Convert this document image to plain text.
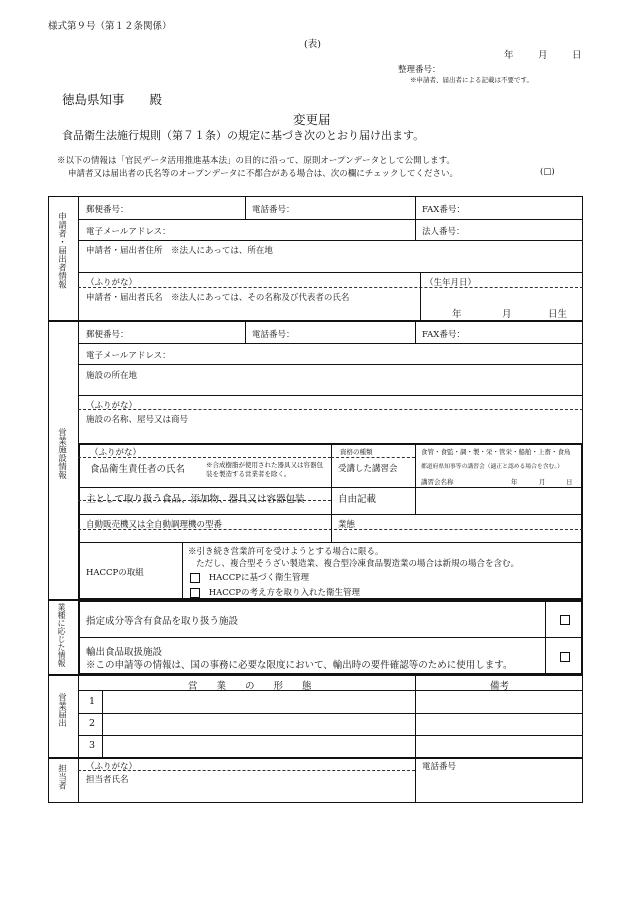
様式第９号（第１２条関係）
(表)
年	月	日
整理番号：
※申請者、届出者による記載は不要です。
徳島県知事　　殿
変更届
食品衛生法施行規則（第７１条）の規定に基づき次のとおり届け出ます。
※以下の情報は「官民データ活用推進基本法」の目的に沿って、原則オープンデータとして公開します。
申請者又は届出者の氏名等のオープンデータに不都合がある場合は、次の欄にチェックしてください。	(□)
申請者・届出者情報
郵便番号：	電話番号：	FAX番号：
電子メールアドレス：	法人番号：
申請者・届出者住所　※法人にあっては、所在地
（ふりがな）	（生年月日）
申請者・届出者氏名　※法人にあっては、その名称及び代表者の氏名
年	月	日生
営業施設情報
郵便番号：	電話番号：	FAX番号：
電子メールアドレス：
施設の所在地
（ふりがな）
施設の名称、屋号又は商号
（ふりがな）
食品衛生責任者の氏名	※合成樹脂が使用された器具又は容器包
装を製造する営業者を除く。
資格の種類	食管・食監・調・製・栄・管栄・船舶・上畜・食鳥
受講した講習会	都道府県知事等の講習会（適正と認める場合を含む。）
講習会名称	年	月	日
主として取り扱う食品、添加物、器具又は容器包装	自由記載
自動販売機又は全自動調理機の型番	業態
HACCPの取組
※引き続き営業許可を受けようとする場合に限る。
ただし、複合型そうざい製造業、複合型冷凍食品製造業の場合は新規の場合を含む。
HACCPに基づく衛生管理
HACCPの考え方を取り入れた衛生管理
業種に応じた情報 指定成分等含有食品を取り扱う施設
輸出食品取扱施設
※この申請等の情報は、国の事務に必要な限度において、輸出時の要件確認等のために使用します。
営業届出
営　　業　　の　　形　　態	備考
1
2
3
担当者 （ふりがな）
担当者氏名
電話番号
